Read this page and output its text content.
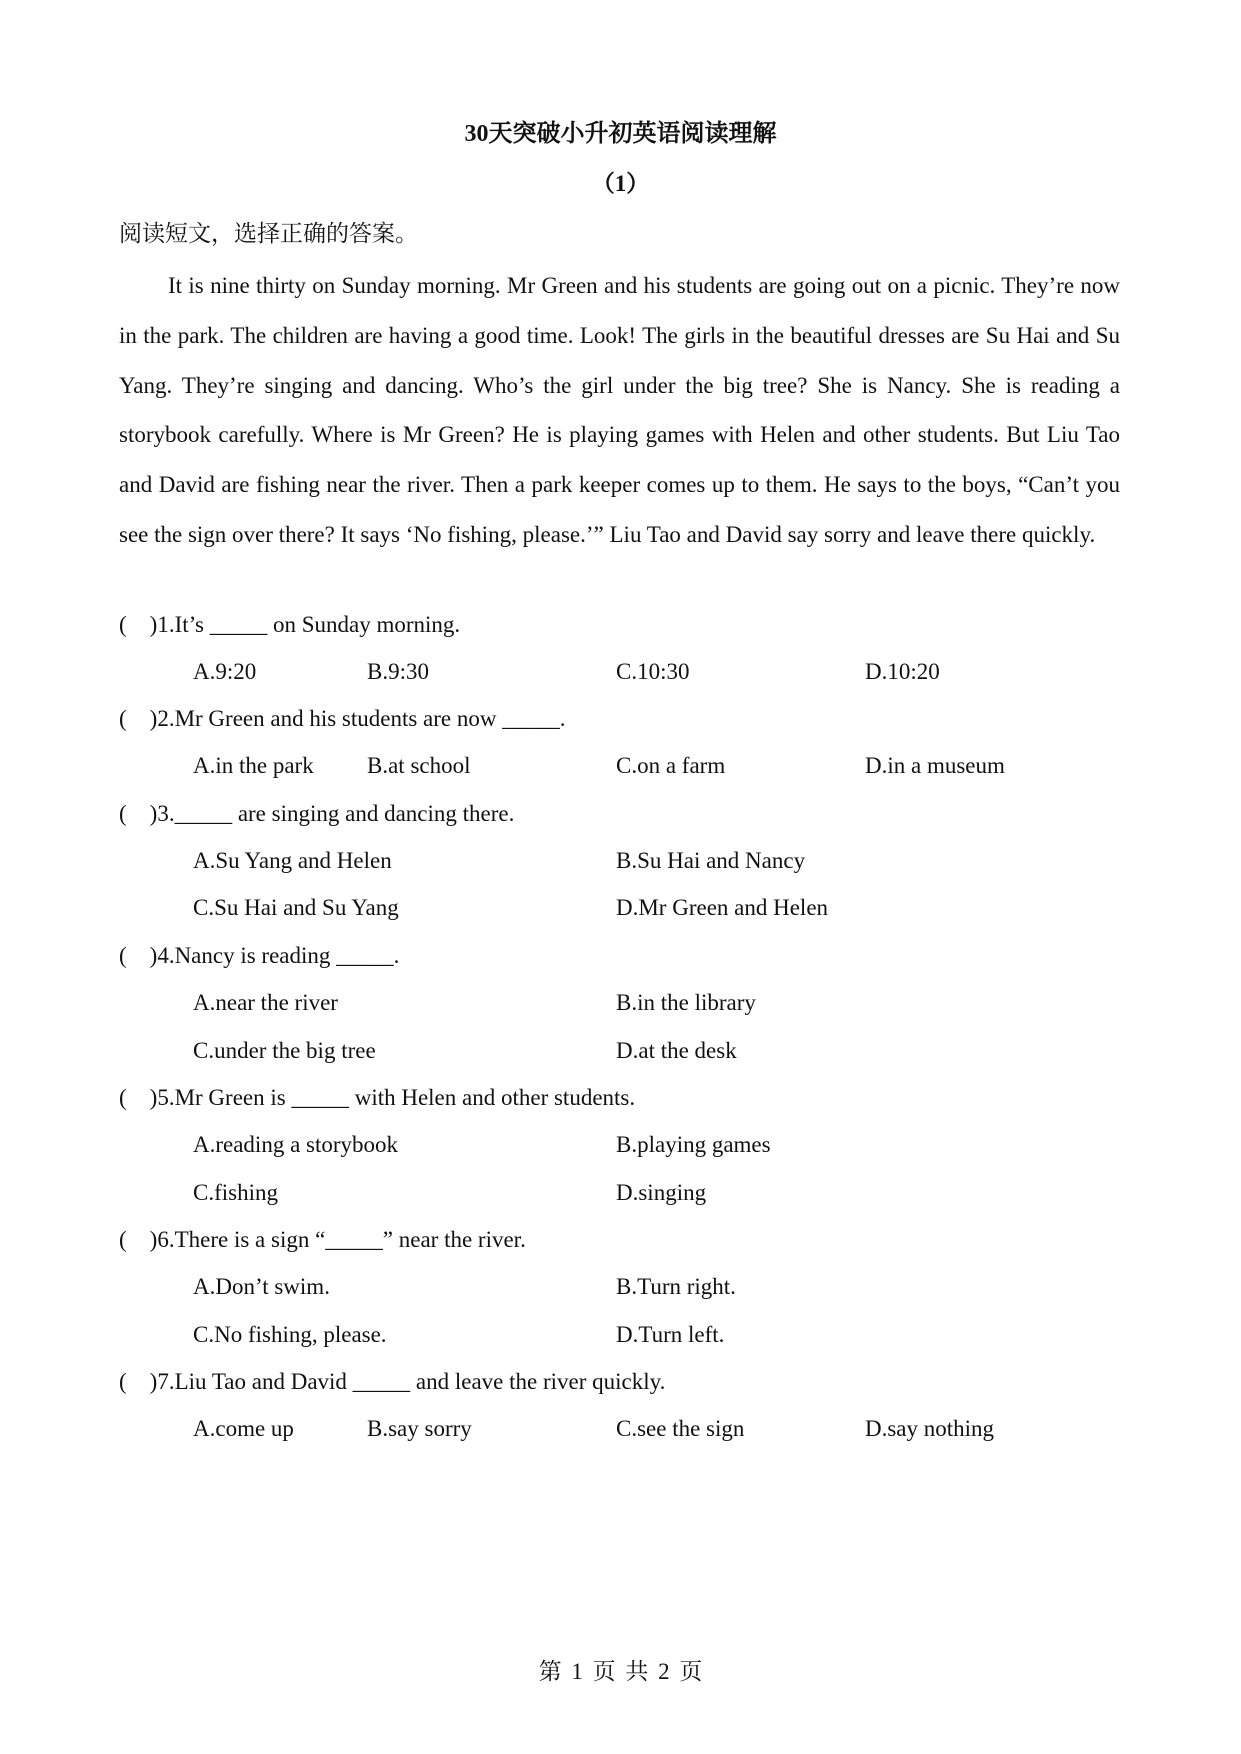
30天突破小升初英语阅读理解
（1）
阅读短文，选择正确的答案。

It is nine thirty on Sunday morning. Mr Green and his students are going out on a picnic. They’re now in the park. The children are having a good time. Look! The girls in the beautiful dresses are Su Hai and Su Yang. They’re singing and dancing. Who’s the girl under the big tree? She is Nancy. She is reading a storybook carefully. Where is Mr Green? He is playing games with Helen and other students. But Liu Tao and David are fishing near the river. Then a park keeper comes up to them. He says to the boys, “Can’t you see the sign over there? It says ‘No fishing, please.’” Liu Tao and David say sorry and leave there quickly.

(    )1.It’s _____ on Sunday morning.
A.9:20	B.9:30	C.10:30	D.10:20
(    )2.Mr Green and his students are now _____.
A.in the park B.at school	C.on a farm	D.in a museum
(    )3._____ are singing and dancing there.
A.Su Yang and Helen	B.Su Hai and Nancy
C.Su Hai and Su Yang	D.Mr Green and Helen
(    )4.Nancy is reading _____.
A.near the river	B.in the library
C.under the big tree	D.at the desk
(    )5.Mr Green is _____ with Helen and other students.
A.reading a storybook	B.playing games
C.fishing	D.singing
(    )6.There is a sign “_____” near the river.
A.Don’t swim.	B.Turn right.
C.No fishing, please.	D.Turn left.
(    )7.Liu Tao and David _____ and leave the river quickly.
A.come up	B.say sorry	C.see the sign	D.say nothing
第 1 页 共 2 页
